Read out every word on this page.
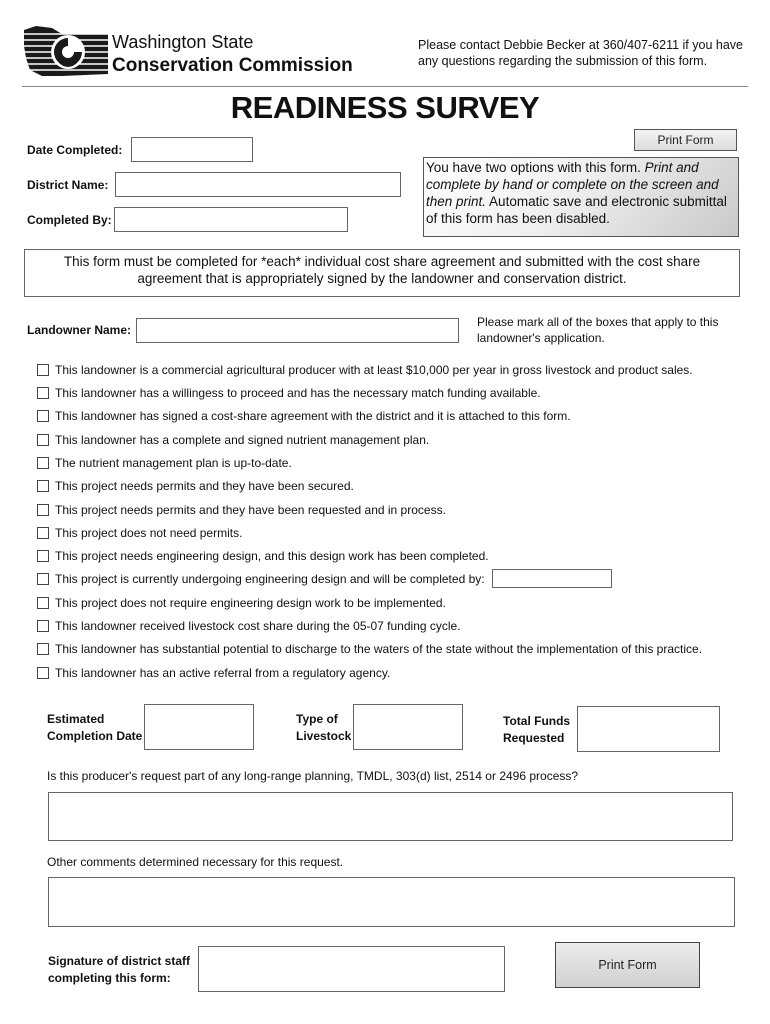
Washington State
Conservation Commission
Please contact Debbie Becker at 360/407-6211 if you have any questions regarding the submission of this form.
READINESS SURVEY
Print Form
Date Completed:
District Name:
Completed By:
You have two options with this form. Print and complete by hand or complete on the screen and then print. Automatic save and electronic submittal of this form has been disabled.
This form must be completed for *each* individual cost share agreement and submitted with the cost share agreement that is appropriately signed by the landowner and conservation district.
Landowner Name:
Please mark all of the boxes that apply to this landowner's application.
This landowner is a commercial agricultural producer with at least $10,000 per year in gross livestock and product sales.
This landowner has a willingess to proceed and has the necessary match funding available.
This landowner has signed a cost-share agreement with the district and it is attached to this form.
This landowner has a complete and signed nutrient management plan.
The nutrient management plan is up-to-date.
This project needs permits and they have been secured.
This project needs permits and they have been requested and in process.
This project does not need permits.
This project needs engineering design, and this design work has been completed.
This project is currently undergoing engineering design and will be completed by:
This project does not require engineering design work to be implemented.
This landowner received livestock cost share during the 05-07 funding cycle.
This landowner has substantial potential to discharge to the waters of the state without the implementation of this practice.
This landowner has an active referral from a regulatory agency.
Estimated
Completion Date
Type of
Livestock
Total Funds
Requested
Is this producer's request part of any long-range planning, TMDL, 303(d) list, 2514 or 2496 process?
Other comments determined necessary for this request.
Signature of district staff
completing this form:
Print Form
